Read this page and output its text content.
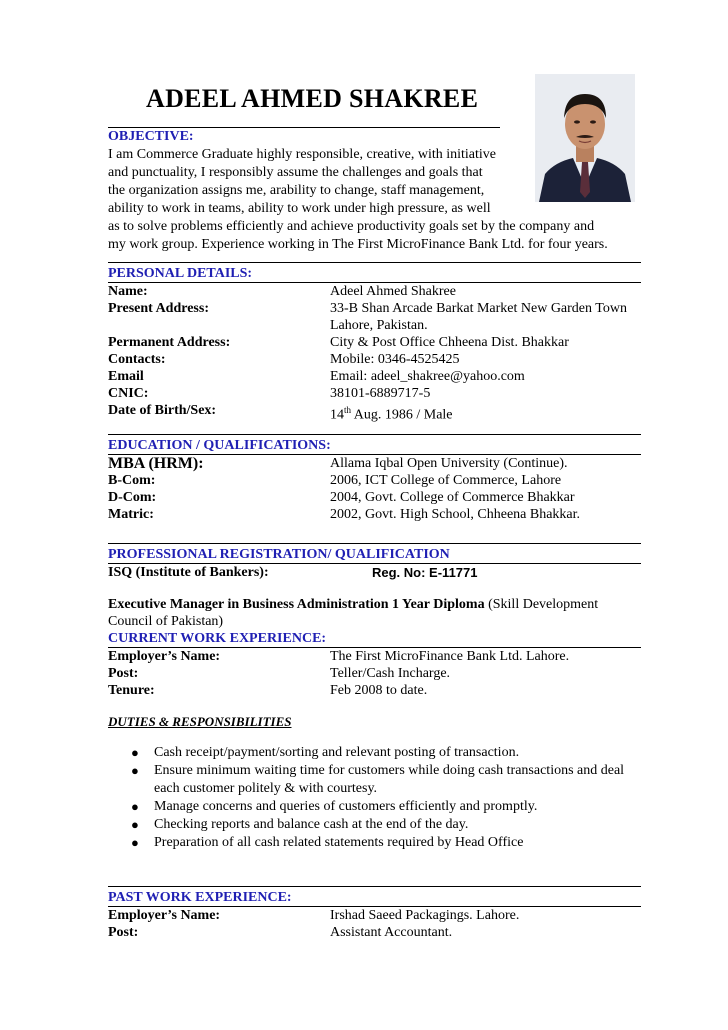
ADEEL AHMED SHAKREE
OBJECTIVE:
I am Commerce Graduate highly responsible, creative, with initiative
and punctuality, I responsibly assume the challenges and goals that
the organization assigns me, arability to change, staff management,
ability to work in teams, ability to work under high pressure, as well
as to solve problems efficiently and achieve productivity goals set by the company and
my work group. Experience working in The First MicroFinance Bank Ltd. for four years.
PERSONAL DETAILS:
Name:	Adeel Ahmed Shakree
Present Address:	33-B Shan Arcade Barkat Market New Garden Town
Lahore, Pakistan.
Permanent Address:	City & Post Office Chheena Dist. Bhakkar
Contacts:	Mobile: 0346-4525425
Email	Email: adeel_shakree@yahoo.com
CNIC:	38101-6889717-5
Date of Birth/Sex:	14th Aug. 1986 / Male
EDUCATION / QUALIFICATIONS:
MBA (HRM):	Allama Iqbal Open University (Continue).
B-Com:	2006, ICT College of Commerce, Lahore
D-Com:	2004, Govt. College of Commerce Bhakkar
Matric:	2002, Govt. High School, Chheena Bhakkar.
PROFESSIONAL REGISTRATION/ QUALIFICATION
ISQ (Institute of Bankers):	Reg. No: E-11771
Executive Manager in Business Administration 1 Year Diploma (Skill Development Council of Pakistan)
CURRENT WORK EXPERIENCE:
Employer’s Name:	The First MicroFinance Bank Ltd. Lahore.
Post:	Teller/Cash Incharge.
Tenure:	Feb 2008 to date.
DUTIES & RESPONSIBILITIES
● Cash receipt/payment/sorting and relevant posting of transaction.
● Ensure minimum waiting time for customers while doing cash transactions and deal each customer politely & with courtesy.
● Manage concerns and queries of customers efficiently and promptly.
● Checking reports and balance cash at the end of the day.
● Preparation of all cash related statements required by Head Office
PAST WORK EXPERIENCE:
Employer’s Name:	Irshad Saeed Packagings. Lahore.
Post:	Assistant Accountant.
